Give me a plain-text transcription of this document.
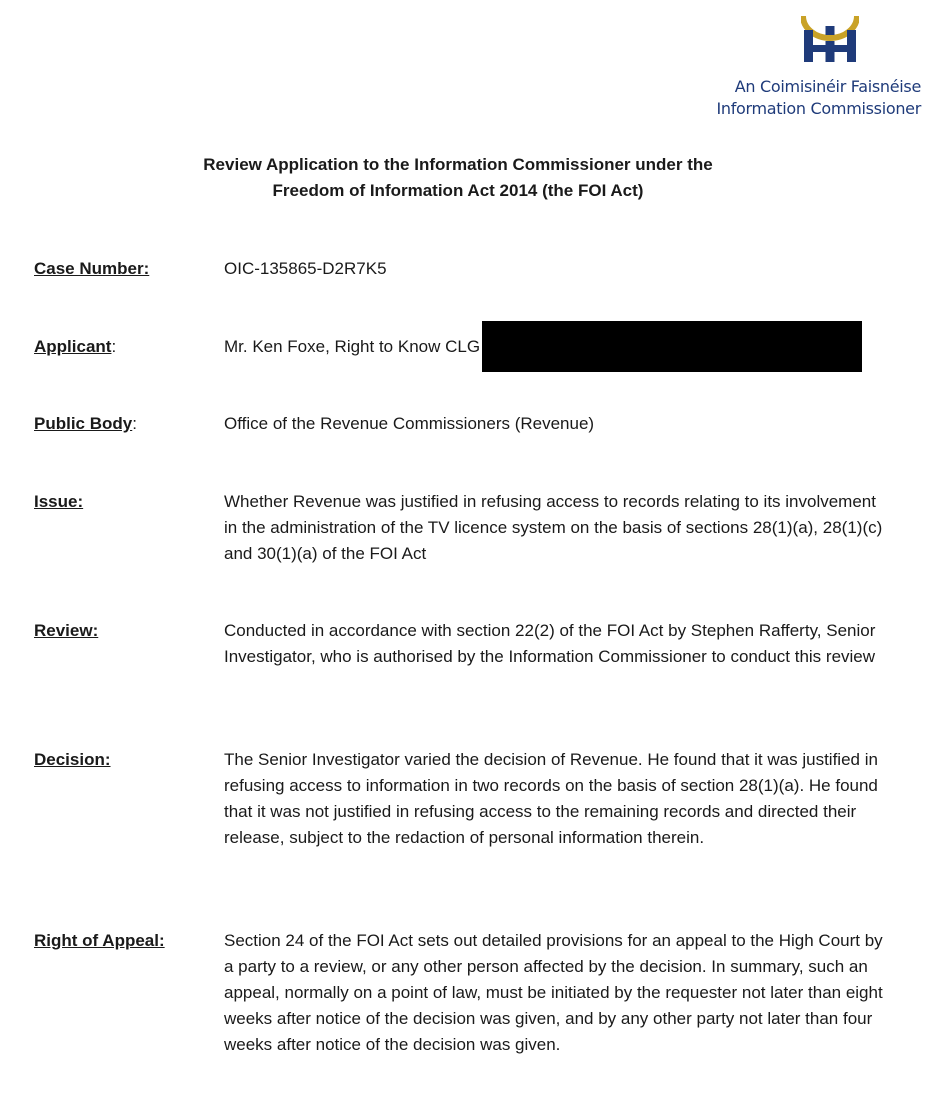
An Coimisinéir Faisnéise
Information Commissioner
Review Application to the Information Commissioner under the
Freedom of Information Act 2014 (the FOI Act)
Case Number:	OIC-135865-D2R7K5
Applicant:	Mr. Ken Foxe, Right to Know CLG
Public Body:	Office of the Revenue Commissioners (Revenue)
Issue:	Whether Revenue was justified in refusing access to records relating to its involvement in the administration of the TV licence system on the basis of sections 28(1)(a), 28(1)(c) and 30(1)(a) of the FOI Act
Review:	Conducted in accordance with section 22(2) of the FOI Act by Stephen Rafferty, Senior Investigator, who is authorised by the Information Commissioner to conduct this review
Decision:	The Senior Investigator varied the decision of Revenue. He found that it was justified in refusing access to information in two records on the basis of section 28(1)(a). He found that it was not justified in refusing access to the remaining records and directed their release, subject to the redaction of personal information therein.
Right of Appeal:	Section 24 of the FOI Act sets out detailed provisions for an appeal to the High Court by a party to a review, or any other person affected by the decision. In summary, such an appeal, normally on a point of law, must be initiated by the requester not later than eight weeks after notice of the decision was given, and by any other party not later than four weeks after notice of the decision was given.
